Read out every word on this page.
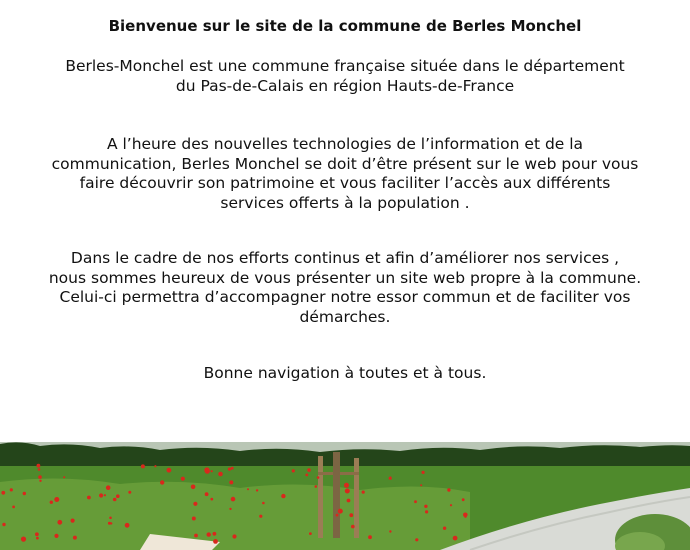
Bienvenue sur le site de la commune de Berles Monchel
Berles-Monchel est une commune française située dans le département
du Pas-de-Calais en région Hauts-de-France
A l’heure des nouvelles technologies de l’information et de la
communication, Berles Monchel se doit d’être présent sur le web pour vous
faire découvrir son patrimoine et vous faciliter l’accès aux différents
services offerts à la population .
Dans le cadre de nos efforts continus et afin d’améliorer nos services ,
nous sommes heureux de vous présenter un site web propre à la commune.
Celui-ci permettra d’accompagner notre essor commun et de faciliter vos
démarches.
Bonne navigation à toutes et à tous.
